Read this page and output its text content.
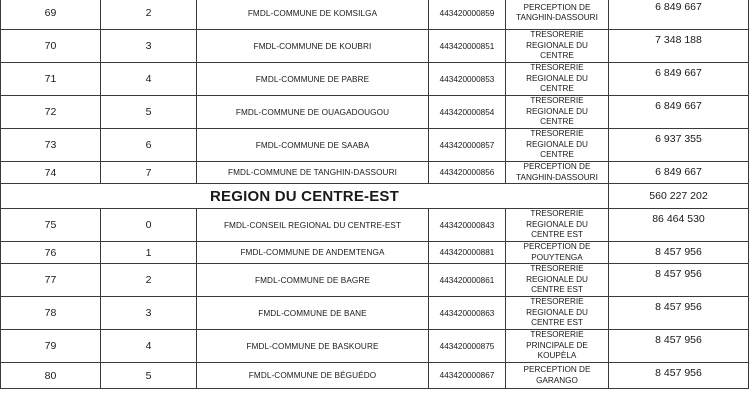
69	2	FMDL-COMMUNE DE KOMSILGA	443420000859	PERCEPTION DE
TANGHIN-DASSOURI	6 849 667
70	3	FMDL-COMMUNE DE KOUBRI	443420000851	TRESORERIE
REGIONALE DU
CENTRE	7 348 188
71	4	FMDL-COMMUNE DE PABRE	443420000853	TRESORERIE
REGIONALE DU
CENTRE	6 849 667
72	5	FMDL-COMMUNE DE OUAGADOUGOU	443420000854	TRESORERIE
REGIONALE DU
CENTRE	6 849 667
73	6	FMDL-COMMUNE DE SAABA	443420000857	TRESORERIE
REGIONALE DU
CENTRE	6 937 355
74	7	FMDL-COMMUNE DE TANGHIN-DASSOURI	443420000856	PERCEPTION DE
TANGHIN-DASSOURI	6 849 667
REGION DU CENTRE-EST					560 227 202
75	0	FMDL-CONSEIL REGIONAL DU CENTRE-EST	443420000843	TRESORERIE
REGIONALE DU
CENTRE EST	86 464 530
76	1	FMDL-COMMUNE DE ANDEMTENGA	443420000881	PERCEPTION DE
POUYTENGA	8 457 956
77	2	FMDL-COMMUNE DE BAGRE	443420000861	TRESORERIE
REGIONALE DU
CENTRE EST	8 457 956
78	3	FMDL-COMMUNE DE BANE	443420000863	TRESORERIE
REGIONALE DU
CENTRE EST	8 457 956
79	4	FMDL-COMMUNE DE BASKOURE	443420000875	TRESORERIE
PRINCIPALE DE
KOUPÈLA	8 457 956
80	5	FMDL-COMMUNE DE BÉGUÉDO	443420000867	PERCEPTION DE
GARANGO	8 457 956
